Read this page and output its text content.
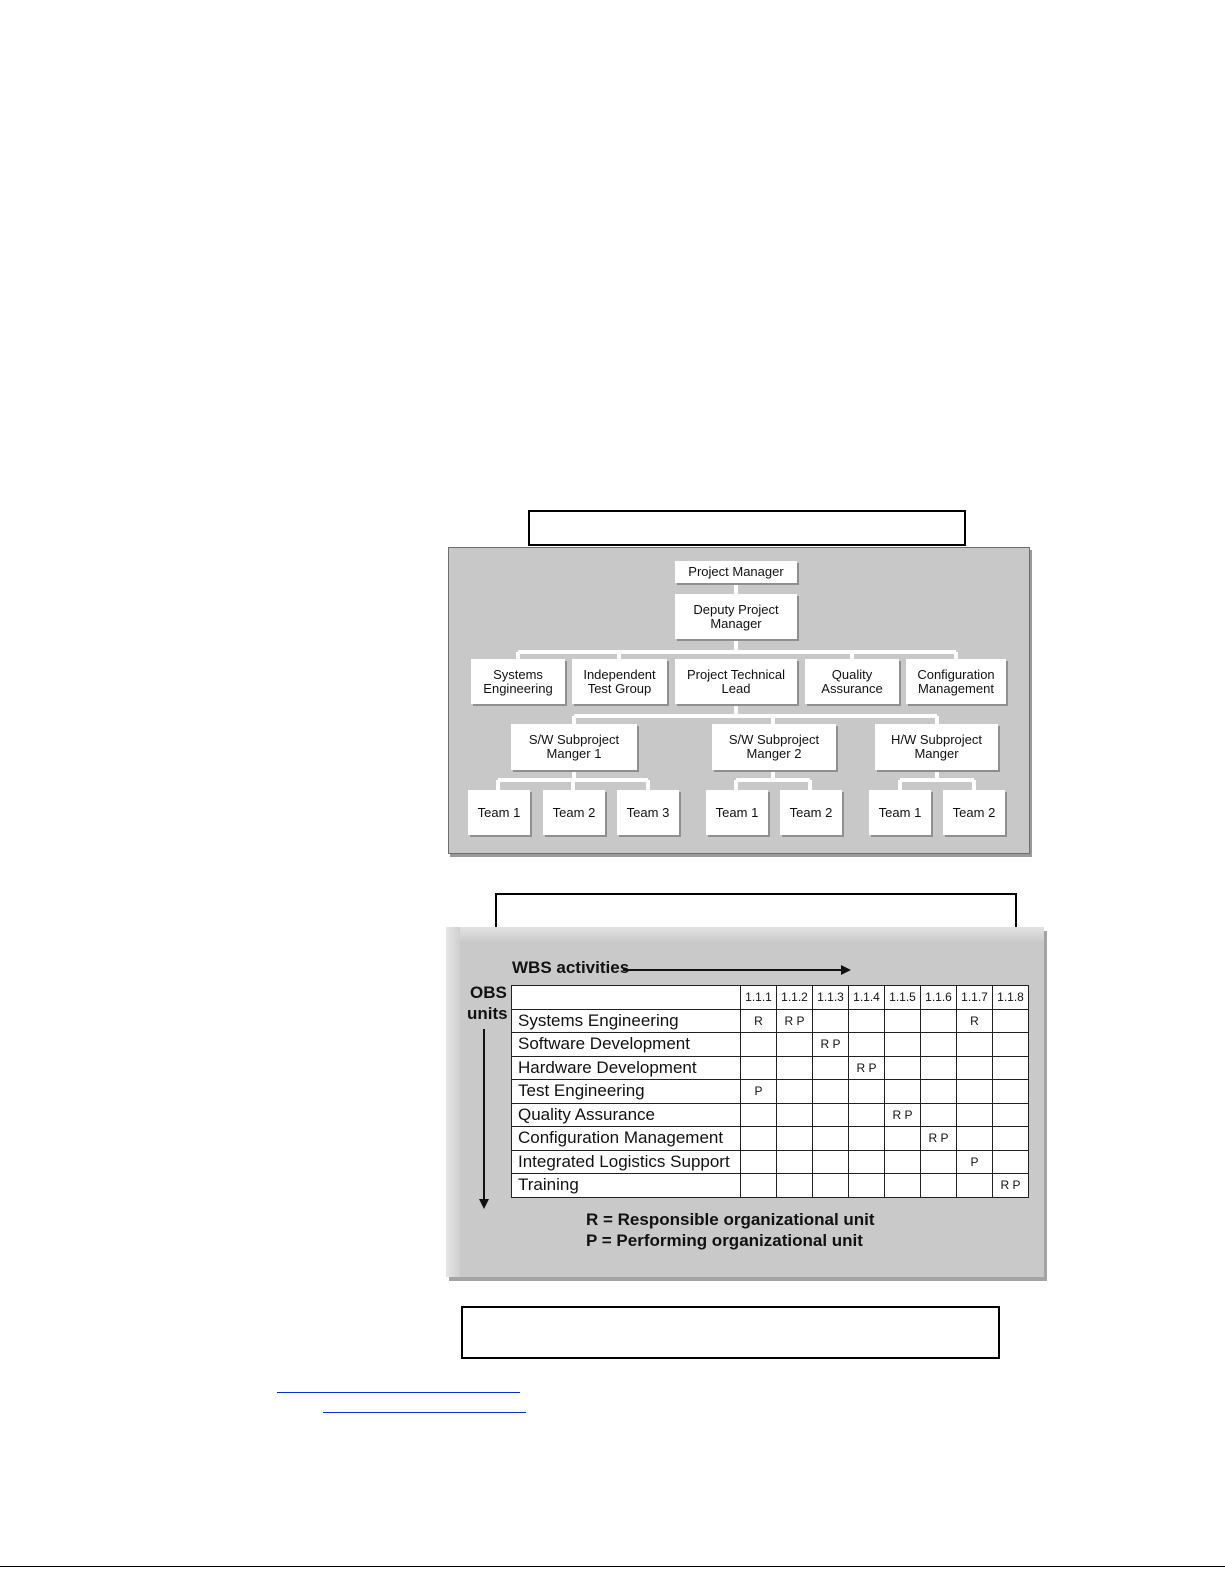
Project Manager
Deputy Project
Manager
Systems
Engineering
Independent
Test Group
Project Technical
Lead
Quality
Assurance
Configuration
Management
S/W Subproject
Manger 1
S/W Subproject
Manger 2
H/W Subproject
Manger
Team 1	Team 2	Team 3	Team 1	Team 2	Team 1	Team 2
WBS activities
OBS
units
	1.1.1	1.1.2	1.1.3	1.1.4	1.1.5	1.1.6	1.1.7	1.1.8
Systems Engineering	R	R P					R	
Software Development			R P					
Hardware Development				R P				
Test Engineering	P							
Quality Assurance					R P			
Configuration Management						R P		
Integrated Logistics Support							P	
Training								R P
R = Responsible organizational unit
P = Performing organizational unit
